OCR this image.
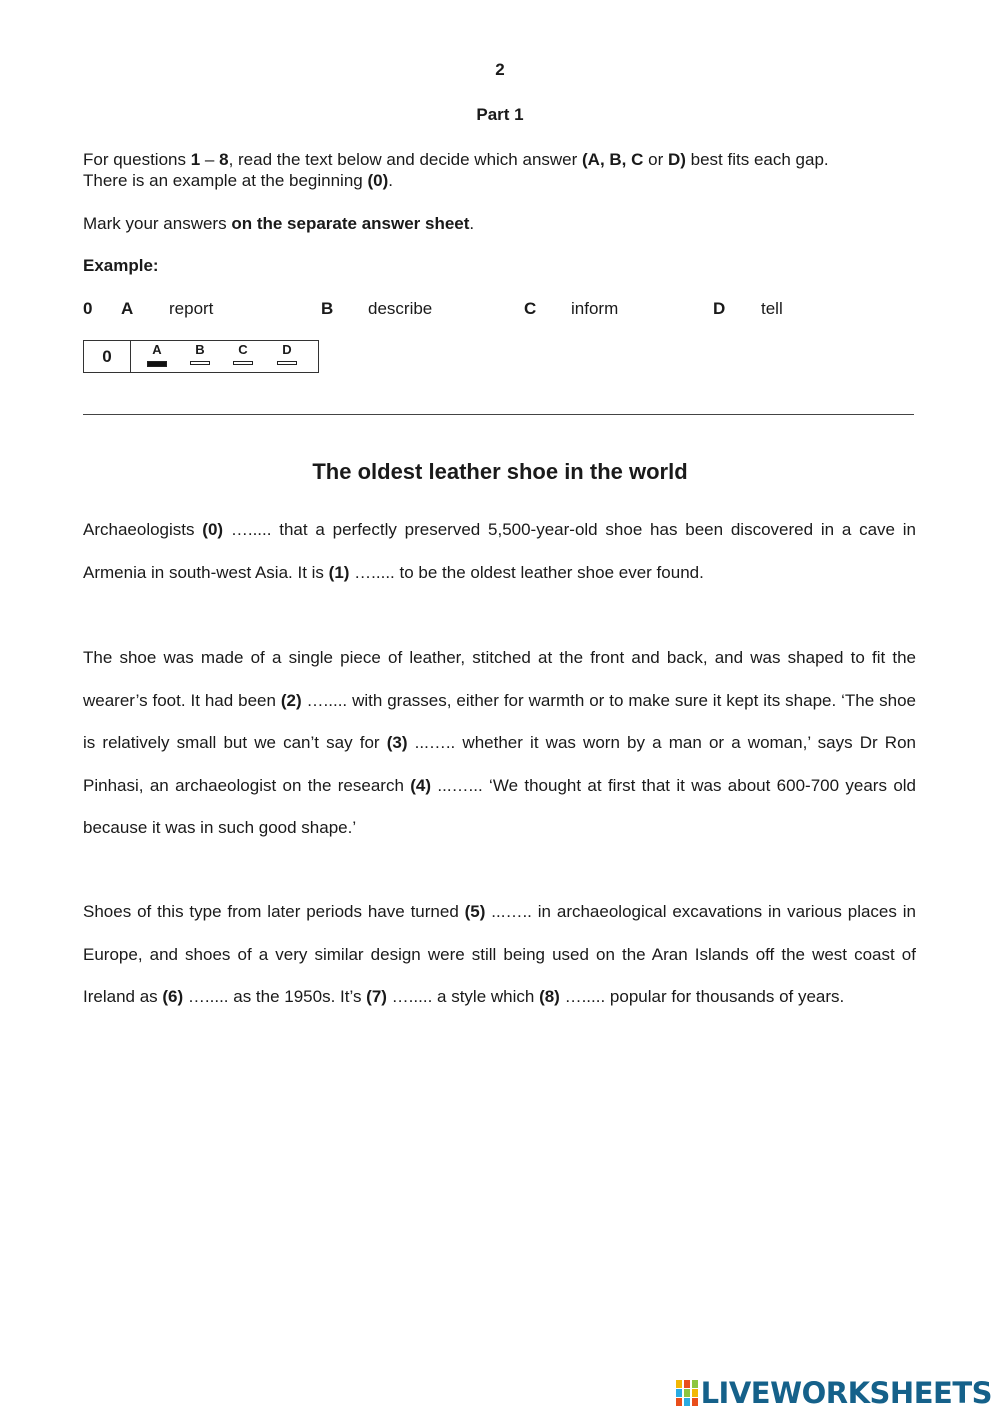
2
Part 1
For questions 1 – 8, read the text below and decide which answer (A, B, C or D) best fits each gap.
There is an example at the beginning (0).
Mark your answers on the separate answer sheet.
Example:
0 A report	B describe	C inform	D tell
0	A	B	C	D
The oldest leather shoe in the world

Archaeologists (0) …..... that a perfectly preserved 5,500-year-old shoe has been discovered in a cave in Armenia in south-west Asia. It is (1) …..... to be the oldest leather shoe ever found.

The shoe was made of a single piece of leather, stitched at the front and back, and was shaped to fit the wearer’s foot. It had been (2) …..... with grasses, either for warmth or to make sure it kept its shape. ‘The shoe is relatively small but we can’t say for (3) ...….. whether it was worn by a man or a woman,’ says Dr Ron Pinhasi, an archaeologist on the research (4) ...…... ‘We thought at first that it was about 600-700 years old because it was in such good shape.’

Shoes of this type from later periods have turned (5) ...….. in archaeological excavations in various places in Europe, and shoes of a very similar design were still being used on the Aran Islands off the west coast of Ireland as (6) …..... as the 1950s. It’s (7) …..... a style which (8) …..... popular for thousands of years.

LIVEWORKSHEETS
